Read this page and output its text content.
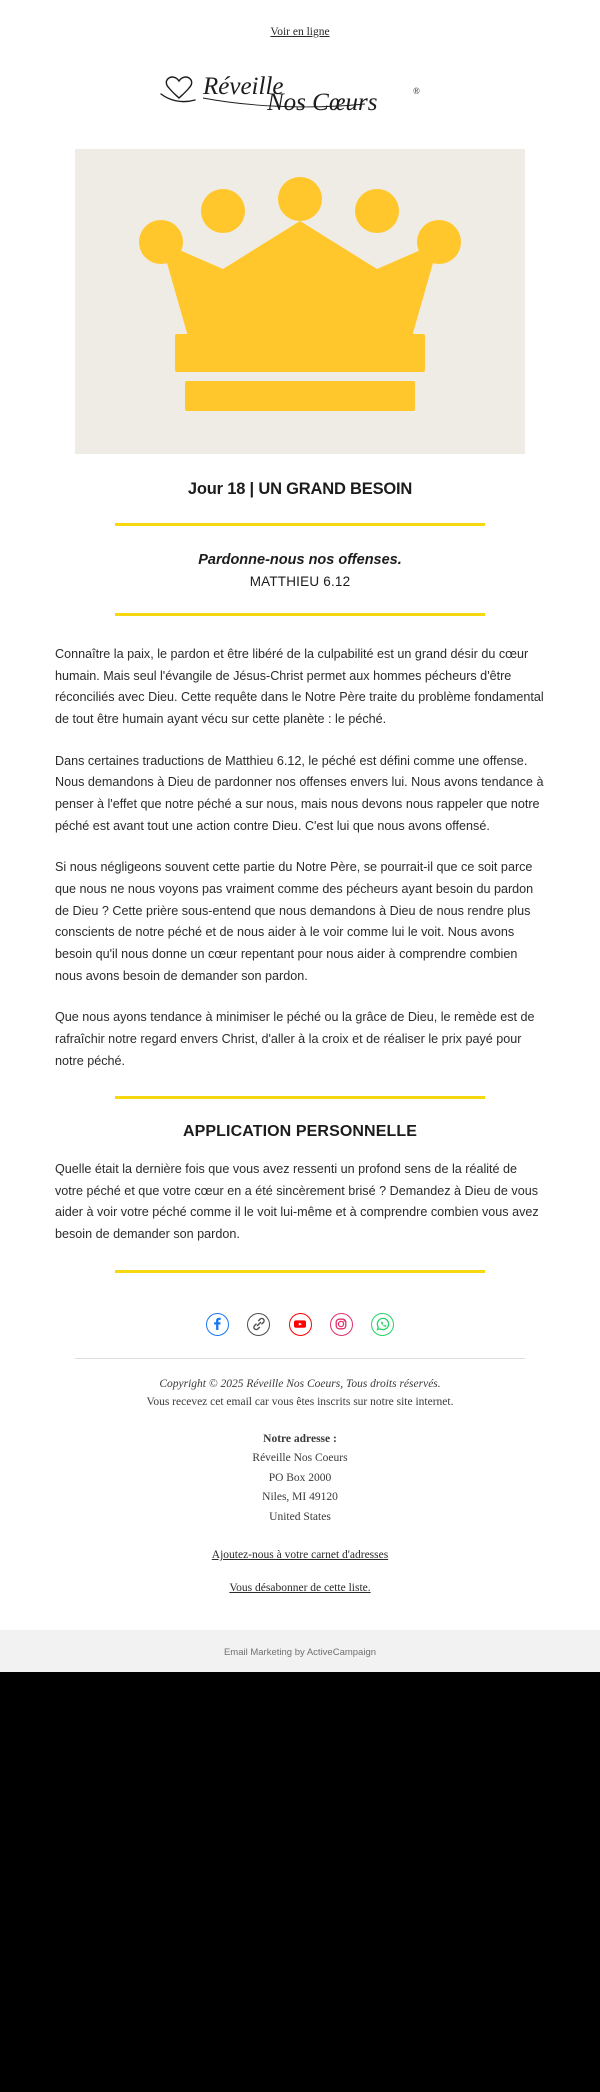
Voir en ligne
Réveille
Nos Cœurs	®
Jour 18 | UN GRAND BESOIN
Pardonne-nous nos offenses.
MATTHIEU 6.12

Connaître la paix, le pardon et être libéré de la culpabilité est un grand désir du cœur humain. Mais seul l'évangile de Jésus-Christ permet aux hommes pécheurs d'être réconciliés avec Dieu. Cette requête dans le Notre Père traite du problème fondamental de tout être humain ayant vécu sur cette planète : le péché.

Dans certaines traductions de Matthieu 6.12, le péché est défini comme une offense. Nous demandons à Dieu de pardonner nos offenses envers lui. Nous avons tendance à penser à l'effet que notre péché a sur nous, mais nous devons nous rappeler que notre péché est avant tout une action contre Dieu. C'est lui que nous avons offensé.

Si nous négligeons souvent cette partie du Notre Père, se pourrait-il que ce soit parce que nous ne nous voyons pas vraiment comme des pécheurs ayant besoin du pardon de Dieu ? Cette prière sous-entend que nous demandons à Dieu de nous rendre plus conscients de notre péché et de nous aider à le voir comme lui le voit. Nous avons besoin qu'il nous donne un cœur repentant pour nous aider à comprendre combien nous avons besoin de demander son pardon.

Que nous ayons tendance à minimiser le péché ou la grâce de Dieu, le remède est de rafraîchir notre regard envers Christ, d'aller à la croix et de réaliser le prix payé pour notre péché.

APPLICATION PERSONNELLE

Quelle était la dernière fois que vous avez ressenti un profond sens de la réalité de votre péché et que votre cœur en a été sincèrement brisé ? Demandez à Dieu de vous aider à voir votre péché comme il le voit lui-même et à comprendre combien vous avez besoin de demander son pardon.

Copyright © 2025 Réveille Nos Coeurs, Tous droits réservés.
Vous recevez cet email car vous êtes inscrits sur notre site internet.
Notre adresse :
Réveille Nos Coeurs
PO Box 2000
Niles, MI 49120
United States
Ajoutez-nous à votre carnet d'adresses
Vous désabonner de cette liste.
Email Marketing by ActiveCampaign
